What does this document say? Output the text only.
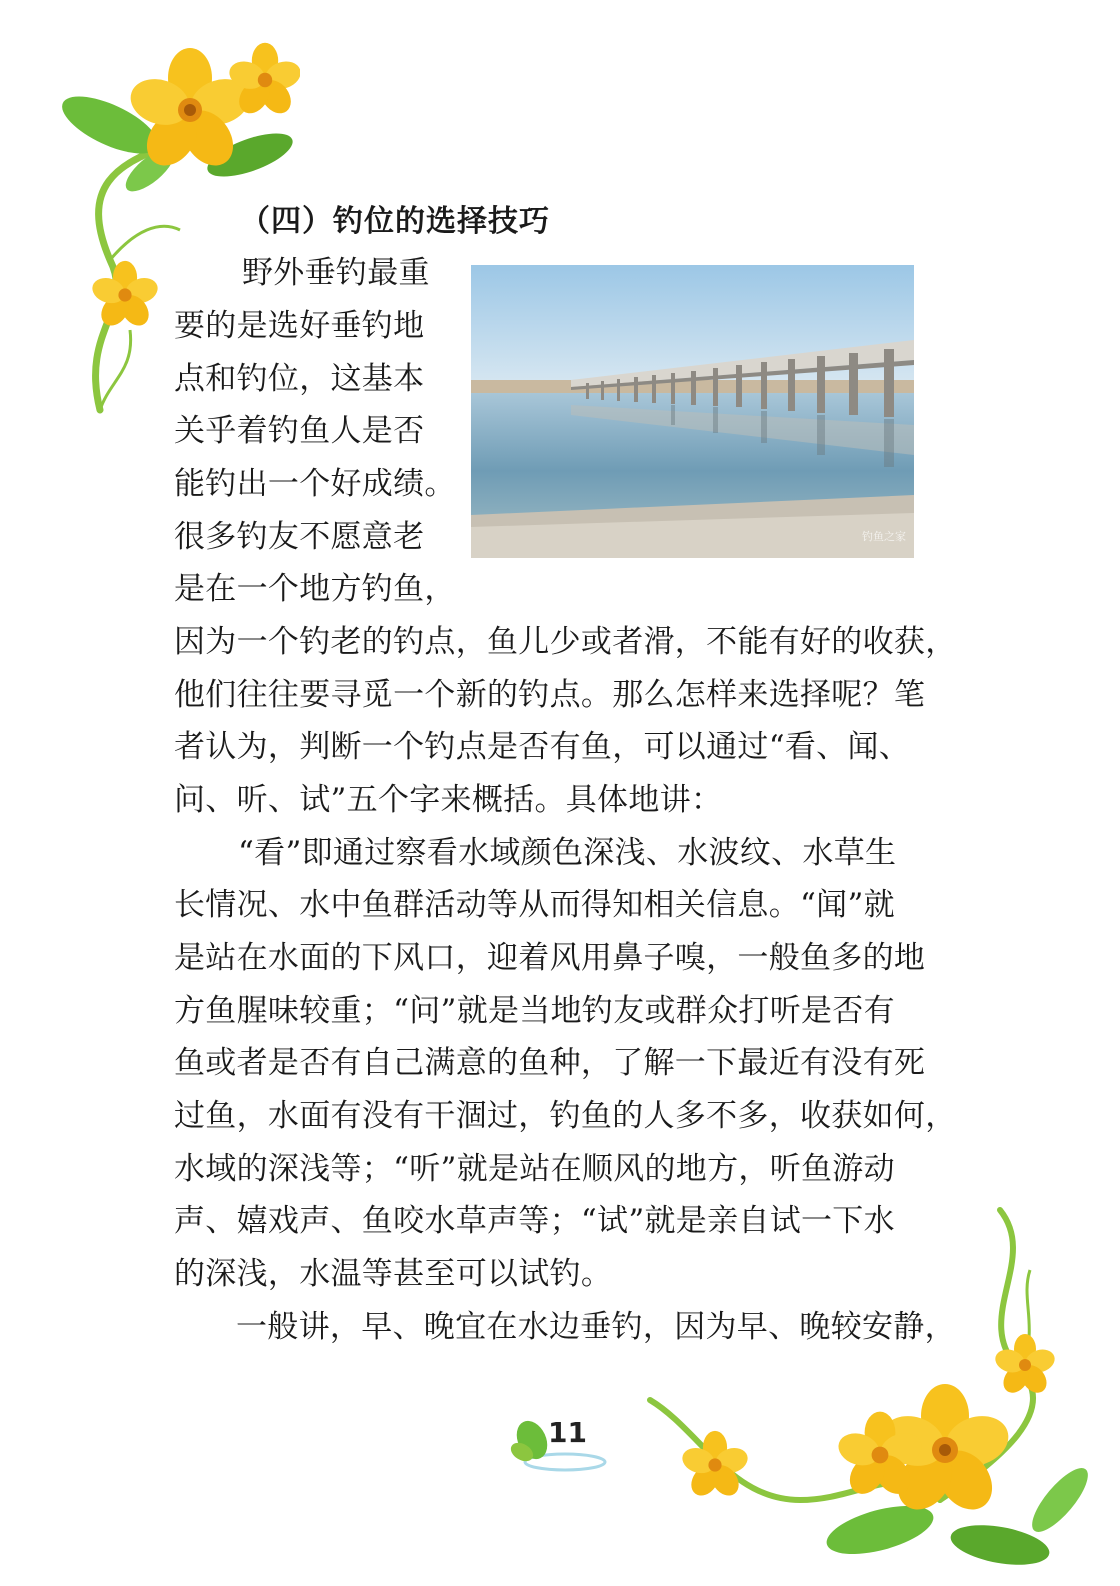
（四）钓位的选择技巧
钓鱼之家
野外垂钓最重
要的是选好垂钓地
点和钓位，这基本
关乎着钓鱼人是否
能钓出一个好成绩。
很多钓友不愿意老
是在一个地方钓鱼，
因为一个钓老的钓点，鱼儿少或者滑，不能有好的收获，
他们往往要寻觅一个新的钓点。那么怎样来选择呢？笔
者认为，判断一个钓点是否有鱼，可以通过“看、闻、
问、听、试”五个字来概括。具体地讲：
“看”即通过察看水域颜色深浅、水波纹、水草生
长情况、水中鱼群活动等从而得知相关信息。“闻”就
是站在水面的下风口，迎着风用鼻子嗅，一般鱼多的地
方鱼腥味较重；“问”就是当地钓友或群众打听是否有
鱼或者是否有自己满意的鱼种，了解一下最近有没有死
过鱼，水面有没有干涸过，钓鱼的人多不多，收获如何，
水域的深浅等；“听”就是站在顺风的地方，听鱼游动
声、嬉戏声、鱼咬水草声等；“试”就是亲自试一下水
的深浅，水温等甚至可以试钓。
一般讲，早、晚宜在水边垂钓，因为早、晚较安静，
11
